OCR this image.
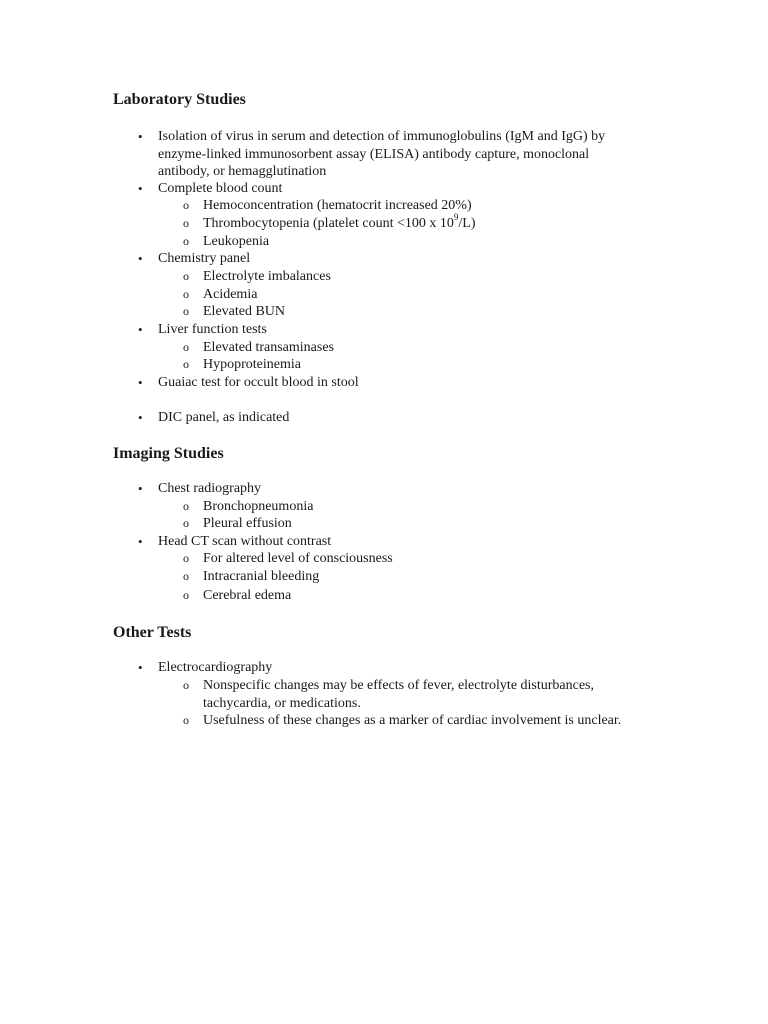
Laboratory Studies
• Isolation of virus in serum and detection of immunoglobulins (IgM and IgG) by enzyme-linked immunosorbent assay (ELISA) antibody capture, monoclonal antibody, or hemagglutination
• Complete blood count
o Hemoconcentration (hematocrit increased 20%)
o Thrombocytopenia (platelet count <100 x $10^9/L$)
o Leukopenia
• Chemistry panel
o Electrolyte imbalances
o Acidemia
o Elevated BUN
• Liver function tests
o Elevated transaminases
o Hypoproteinemia
• Guaiac test for occult blood in stool
• DIC panel, as indicated
Imaging Studies
• Chest radiography
o Bronchopneumonia
o Pleural effusion
• Head CT scan without contrast
o For altered level of consciousness
o Intracranial bleeding
o Cerebral edema
Other Tests
• Electrocardiography
o Nonspecific changes may be effects of fever, electrolyte disturbances, tachycardia, or medications.
o Usefulness of these changes as a marker of cardiac involvement is unclear.
